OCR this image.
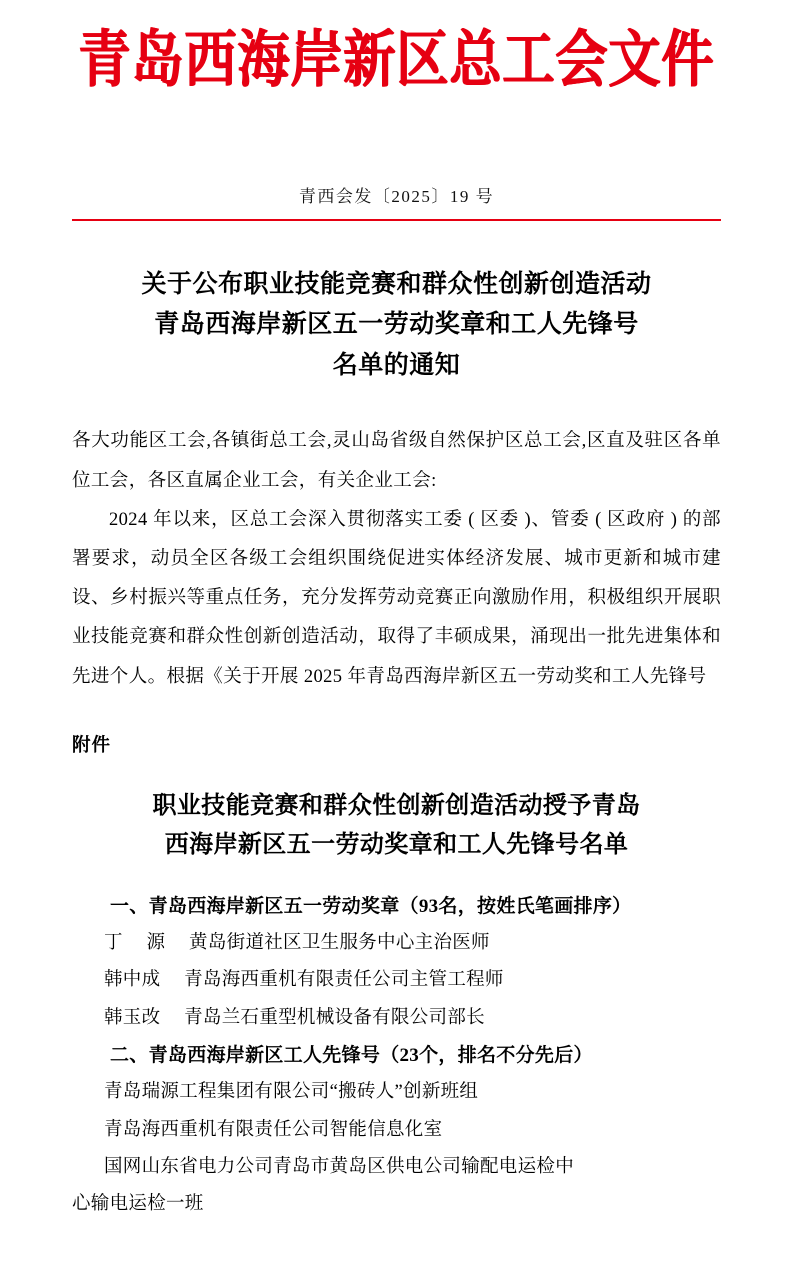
青岛西海岸新区总工会文件
青西会发〔2025〕19 号
关于公布职业技能竞赛和群众性创新创造活动
青岛西海岸新区五一劳动奖章和工人先锋号
名单的通知

各大功能区工会,各镇街总工会,灵山岛省级自然保护区总工会,区直及驻区各单位工会，各区直属企业工会，有关企业工会:

2024 年以来，区总工会深入贯彻落实工委 ( 区委 )、管委 ( 区政府 ) 的部署要求，动员全区各级工会组织围绕促进实体经济发展、城市更新和城市建设、乡村振兴等重点任务，充分发挥劳动竞赛正向激励作用，积极组织开展职业技能竞赛和群众性创新创造活动，取得了丰硕成果，涌现出一批先进集体和先进个人。根据《关于开展 2025 年青岛西海岸新区五一劳动奖和工人先锋号

附件
职业技能竞赛和群众性创新创造活动授予青岛
西海岸新区五一劳动奖章和工人先锋号名单
一、青岛西海岸新区五一劳动奖章（93名，按姓氏笔画排序）
丁　 源　 黄岛街道社区卫生服务中心主治医师
韩中成　 青岛海西重机有限责任公司主管工程师
韩玉改　 青岛兰石重型机械设备有限公司部长
二、青岛西海岸新区工人先锋号（23个，排名不分先后）
青岛瑞源工程集团有限公司“搬砖人”创新班组
青岛海西重机有限责任公司智能信息化室
国网山东省电力公司青岛市黄岛区供电公司输配电运检中
心输电运检一班
